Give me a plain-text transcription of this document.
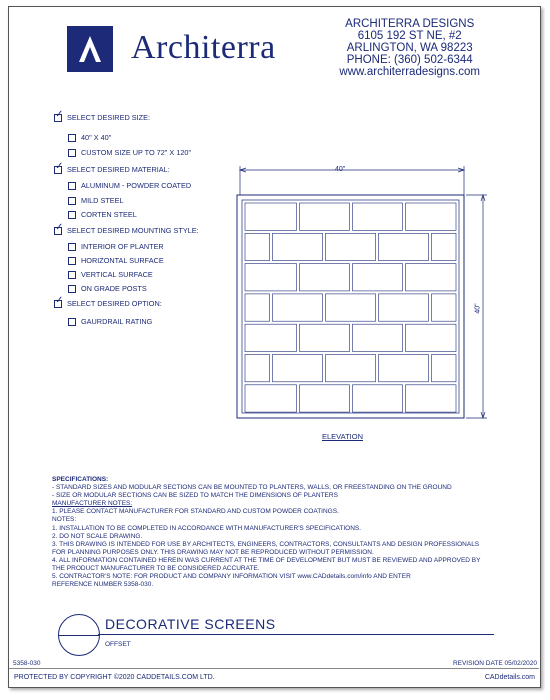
Architerra
ARCHITERRA DESIGNS
6105 192 ST NE, #2
ARLINGTON, WA 98223
PHONE: (360) 502-6344
www.architerradesigns.com
✓
SELECT DESIRED SIZE:
40" X 40"
CUSTOM SIZE UP TO 72" X 120"
✓
SELECT DESIRED MATERIAL:
ALUMINUM - POWDER COATED
MILD STEEL
CORTEN STEEL
✓
SELECT DESIRED MOUNTING STYLE:
INTERIOR OF PLANTER
HORIZONTAL SURFACE
VERTICAL SURFACE
ON GRADE POSTS
✓
SELECT DESIRED OPTION:
GAURDRAIL RATING
40"
40"
ELEVATION
SPECIFICATIONS:
- STANDARD SIZES AND MODULAR SECTIONS CAN BE MOUNTED TO PLANTERS, WALLS, OR FREESTANDING ON THE GROUND
- SIZE OR MODULAR SECTIONS CAN BE SIZED TO MATCH THE DIMENSIONS OF PLANTERS
MANUFACTURER NOTES:
1. PLEASE CONTACT MANUFACTURER FOR STANDARD AND CUSTOM POWDER COATINGS.
NOTES:
1. INSTALLATION TO BE COMPLETED IN ACCORDANCE WITH MANUFACTURER'S SPECIFICATIONS.
2. DO NOT SCALE DRAWING.
3. THIS DRAWING IS INTENDED FOR USE BY ARCHITECTS, ENGINEERS, CONTRACTORS, CONSULTANTS AND DESIGN PROFESSIONALS
FOR PLANNING PURPOSES ONLY. THIS DRAWING MAY NOT BE REPRODUCED WITHOUT PERMISSION.
4. ALL INFORMATION CONTAINED HEREIN WAS CURRENT AT THE TIME OF DEVELOPMENT BUT MUST BE REVIEWED AND APPROVED BY
THE PRODUCT MANUFACTURER TO BE CONSIDERED ACCURATE.
5. CONTRACTOR'S NOTE: FOR PRODUCT AND COMPANY INFORMATION VISIT www.CADdetails.com/info AND ENTER
REFERENCE NUMBER 5358-030.
DECORATIVE SCREENS
OFFSET
5358-030	REVISION DATE 05/02/2020
PROTECTED BY COPYRIGHT ©2020 CADDETAILS.COM LTD.	CADdetails.com
